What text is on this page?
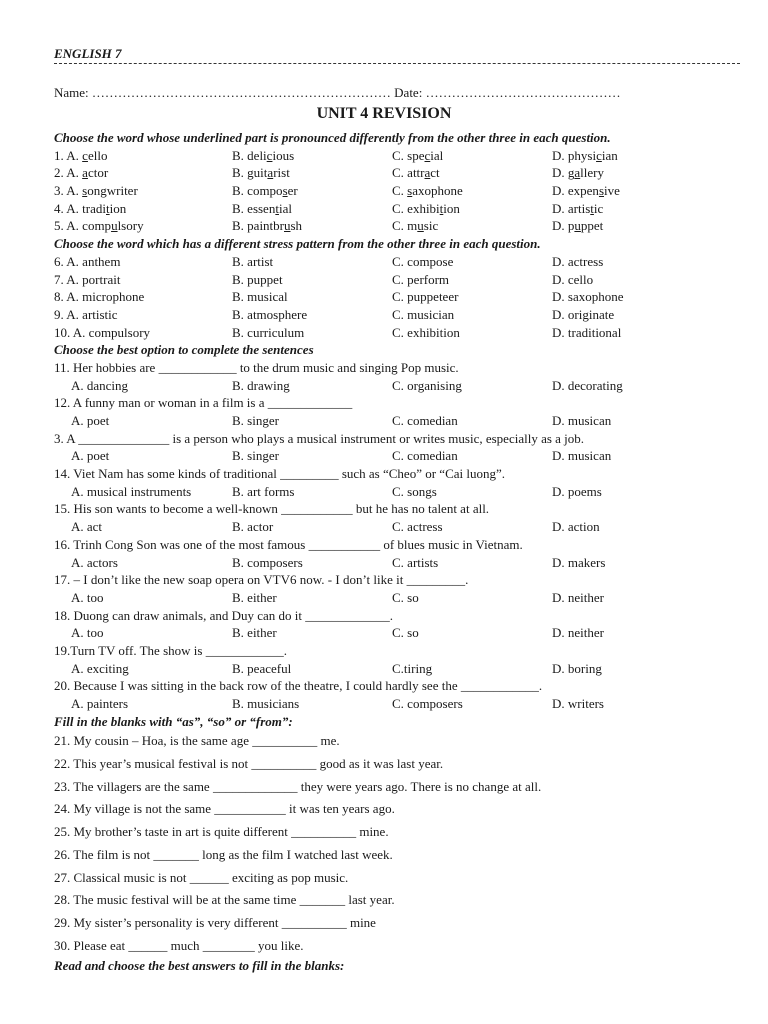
ENGLISH 7
Name: …………………………………………………………… Date: ………………………………………
UNIT 4 REVISION
Choose the word whose underlined part is pronounced differently from the other three in each question.
1. A. cello	B. delicious	C. special	D. physician
2. A. actor	B. guitarist	C. attract	D. gallery
3. A. songwriter	B. composer	C. saxophone	D. expensive
4. A. tradition	B. essential	C. exhibition	D. artistic
5. A. compulsory	B. paintbrush	C. music	D. puppet
Choose the word which has a different stress pattern from the other three in each question.
6. A. anthem	B. artist	C. compose	D. actress
7. A. portrait	B. puppet	C. perform	D. cello
8. A. microphone	B. musical	C. puppeteer	D. saxophone
9. A. artistic	B. atmosphere	C. musician	D. originate
10. A. compulsory	B. curriculum	C. exhibition	D. traditional
Choose the best option to complete the sentences
11. Her hobbies are ____________ to the drum music and singing Pop music.
A. dancing	B. drawing	C. organising	D. decorating
12. A funny man or woman in a film is a _____________
A. poet	B. singer	C. comedian	D. musican
3. A ______________ is a person who plays a musical instrument or writes music, especially as a job.
A. poet	B. singer	C. comedian	D. musican
14. Viet Nam has some kinds of traditional _________ such as “Cheo” or “Cai luong”.
A. musical instruments	B. art forms	C. songs	D. poems
15. His son wants to become a well-known ___________ but he has no talent at all.
A. act	B. actor	C. actress	D. action
16. Trinh Cong Son was one of the most famous ___________ of blues music in Vietnam.
A. actors	B. composers	C. artists	D. makers
17. – I don’t like the new soap opera on VTV6 now. - I don’t like it _________.
A. too	B. either	C. so	D. neither
18. Duong can draw animals, and Duy can do it _____________.
A. too	B. either	C. so	D. neither
19.Turn TV off. The show is ____________.
A. exciting	B. peaceful	C.tiring	D. boring
20. Because I was sitting in the back row of the theatre, I could hardly see the ____________.
A. painters	B. musicians	C. composers	D. writers
Fill in the blanks with “as”, “so” or “from”:
21. My cousin – Hoa, is the same age __________ me.
22. This year’s musical festival is not __________ good as it was last year.
23. The villagers are the same _____________ they were years ago. There is no change at all.
24. My village is not the same ___________ it was ten years ago.
25. My brother’s taste in art is quite different __________ mine.
26. The film is not _______ long as the film I watched last week.
27. Classical music is not ______ exciting as pop music.
28. The music festival will be at the same time _______ last year.
29. My sister’s personality is very different __________ mine
30. Please eat ______ much ________ you like.
Read and choose the best answers to fill in the blanks:
